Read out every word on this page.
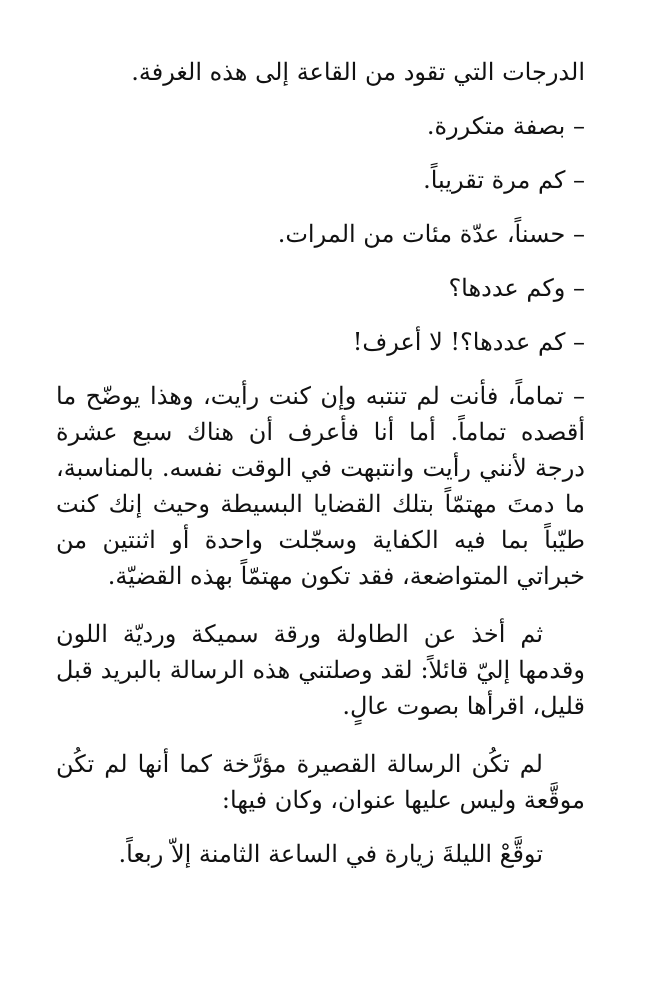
الدرجات التي تقود من القاعة إلى هذه الغرفة.

– بصفة متكررة.

– كم مرة تقريباً.

– حسناً، عدّة مئات من المرات.

– وكم عددها؟

– كم عددها؟! لا أعرف!

– تماماً، فأنت لم تنتبه وإن كنت رأيت، وهذا يوضّح ما أقصده تماماً. أما أنا فأعرف أن هناك سبع عشرة درجة لأنني رأيت وانتبهت في الوقت نفسه. بالمناسبة، ما دمتَ مهتمّاً بتلك القضايا البسيطة وحيث إنك كنت طيّباً بما فيه الكفاية وسجّلت واحدة أو اثنتين من خبراتي المتواضعة، فقد تكون مهتمّاً بهذه القضيّة.

ثم أخذ عن الطاولة ورقة سميكة ورديّة اللون وقدمها إليّ قائلاً: لقد وصلتني هذه الرسالة بالبريد قبل قليل، اقرأها بصوت عالٍ.

لم تكُن الرسالة القصيرة مؤرَّخة كما أنها لم تكُن موقَّعة وليس عليها عنوان، وكان فيها:

توقَّعْ الليلةَ زيارة في الساعة الثامنة إلاّ ربعاً.
